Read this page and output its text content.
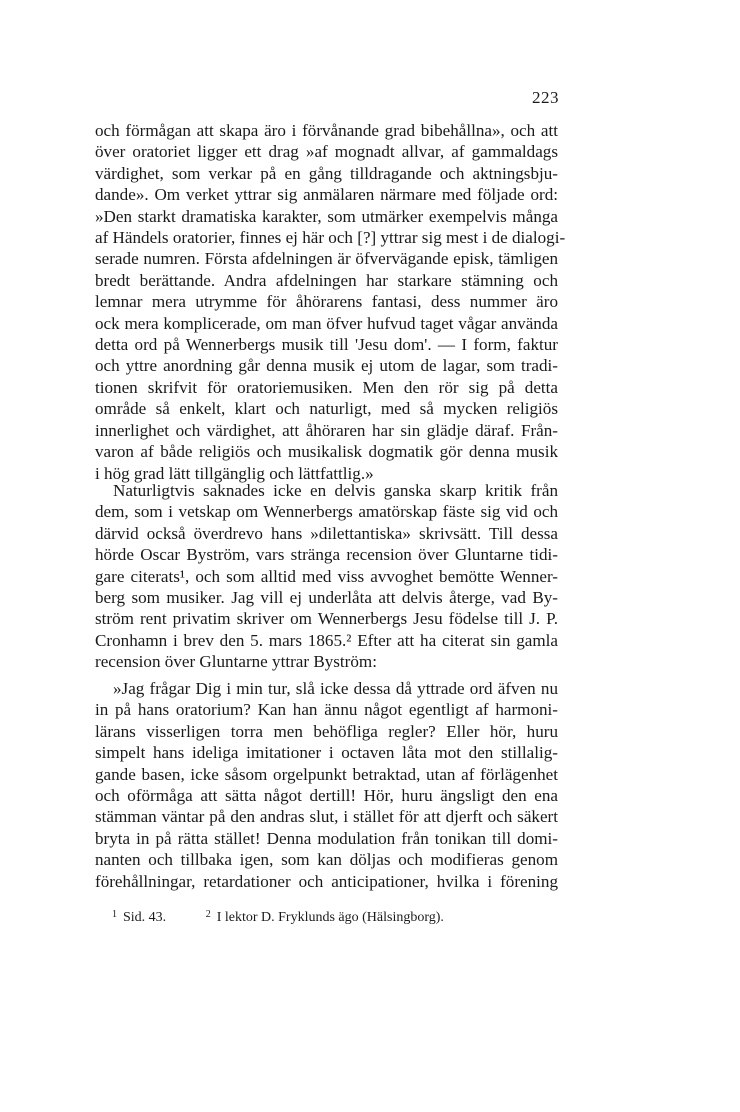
223
och förmågan att skapa äro i förvånande grad bibehållna», och att
över oratoriet ligger ett drag »af mognadt allvar, af gammaldags
värdighet, som verkar på en gång tilldragande och aktningsbju-
dande». Om verket yttrar sig anmälaren närmare med följade ord:
»Den starkt dramatiska karakter, som utmärker exempelvis många
af Händels oratorier, finnes ej här och [?] yttrar sig mest i de dialogi-
serade numren. Första afdelningen är öfvervägande episk, tämligen
bredt berättande. Andra afdelningen har starkare stämning och
lemnar mera utrymme för åhörarens fantasi, dess nummer äro
ock mera komplicerade, om man öfver hufvud taget vågar använda
detta ord på Wennerbergs musik till 'Jesu dom'. — I form, faktur
och yttre anordning går denna musik ej utom de lagar, som tradi-
tionen skrifvit för oratoriemusiken. Men den rör sig på detta
område så enkelt, klart och naturligt, med så mycken religiös
innerlighet och värdighet, att åhöraren har sin glädje däraf. Från-
varon af både religiös och musikalisk dogmatik gör denna musik
i hög grad lätt tillgänglig och lättfattlig.»
Naturligtvis saknades icke en delvis ganska skarp kritik från
dem, som i vetskap om Wennerbergs amatörskap fäste sig vid och
därvid också överdrevo hans »dilettantiska» skrivsätt. Till dessa
hörde Oscar Byström, vars stränga recension över Gluntarne tidi-
gare citerats¹, och som alltid med viss avvoghet bemötte Wenner-
berg som musiker. Jag vill ej underlåta att delvis återge, vad By-
ström rent privatim skriver om Wennerbergs Jesu födelse till J. P.
Cronhamn i brev den 5. mars 1865.² Efter att ha citerat sin gamla
recension över Gluntarne yttrar Byström:
»Jag frågar Dig i min tur, slå icke dessa då yttrade ord äfven nu
in på hans oratorium? Kan han ännu något egentligt af harmoni-
lärans visserligen torra men behöfliga regler? Eller hör, huru
simpelt hans ideliga imitationer i octaven låta mot den stillalig-
gande basen, icke såsom orgelpunkt betraktad, utan af förlägenhet
och oförmåga att sätta något dertill! Hör, huru ängsligt den ena
stämman väntar på den andras slut, i stället för att djerft och säkert
bryta in på rätta stället! Denna modulation från tonikan till domi-
nanten och tillbaka igen, som kan döljas och modifieras genom
förehållningar, retardationer och anticipationer, hvilka i förening
$^1$ Sid. 43.	$^2$ I lektor D. Fryklunds ägo (Hälsingborg).
